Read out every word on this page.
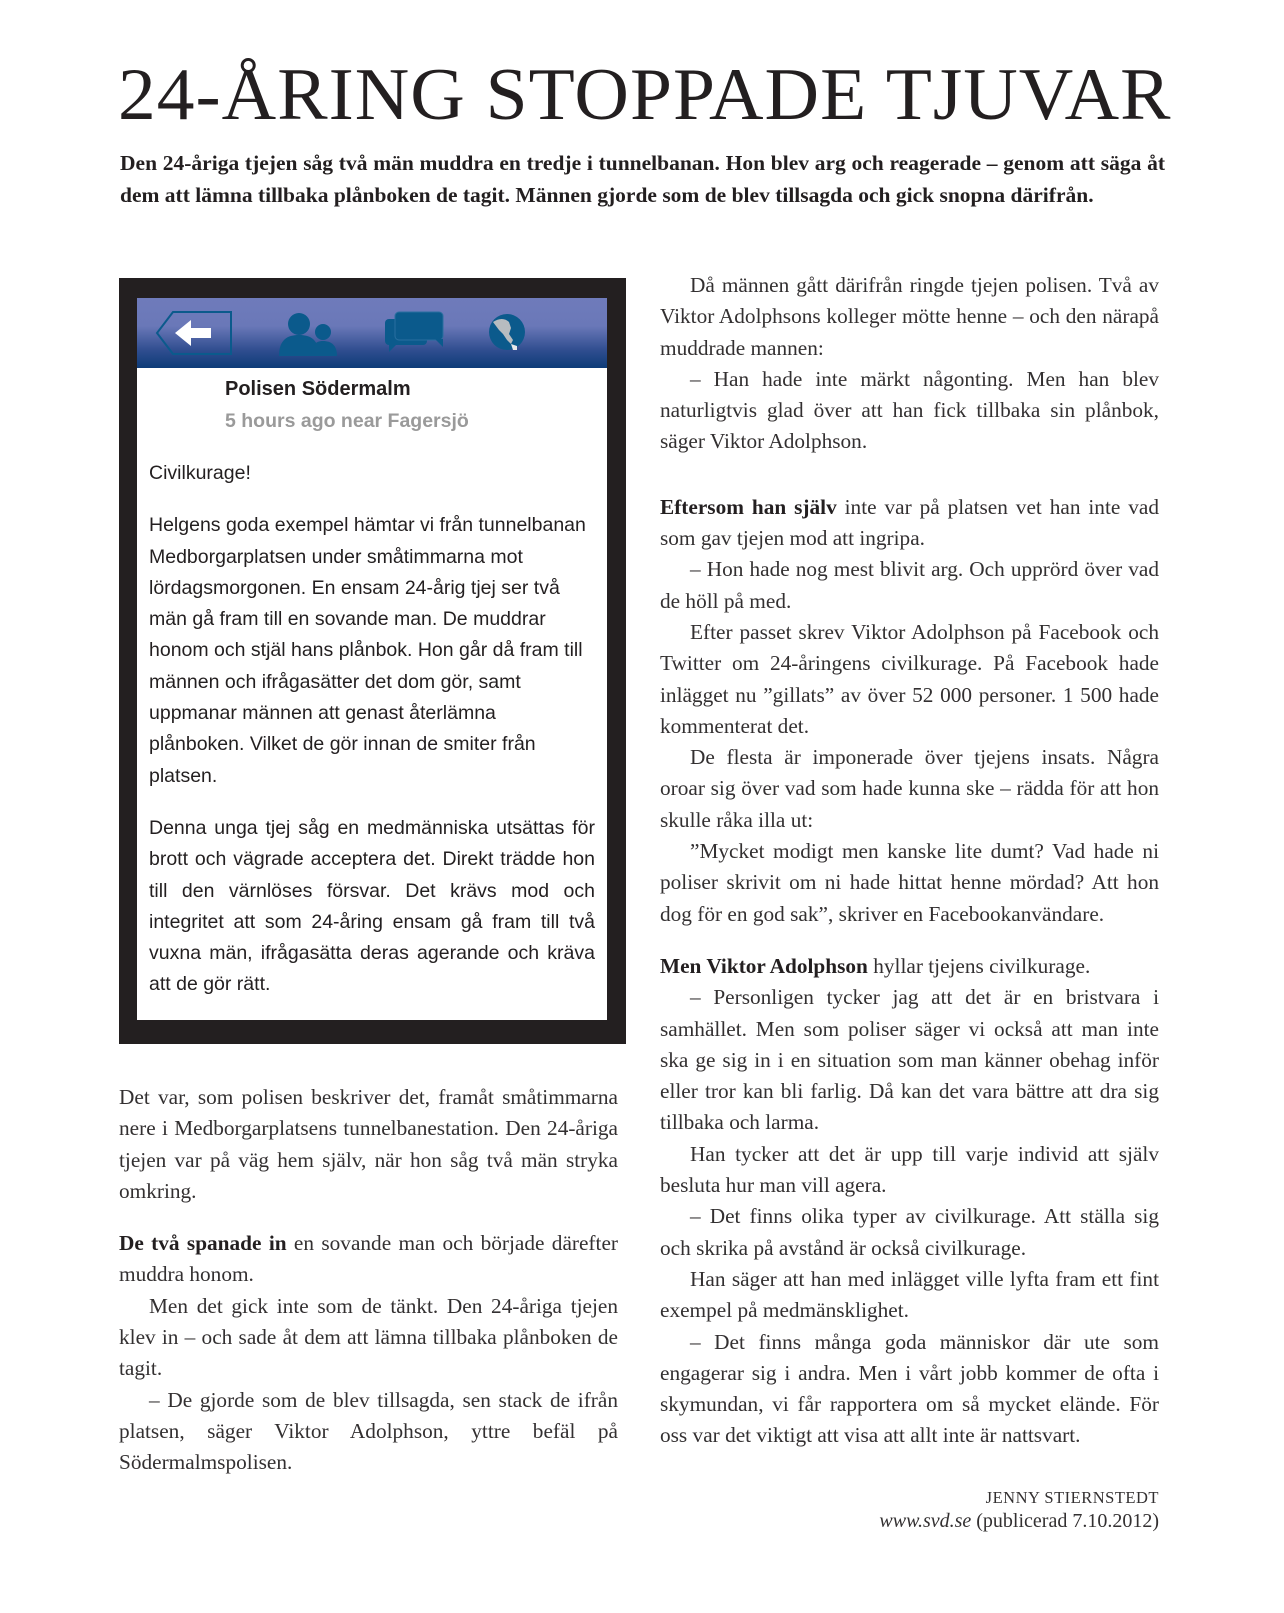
24-ÅRING STOPPADE TJUVAR

Den 24-åriga tjejen såg två män muddra en tredje i tunnelbanan. Hon blev arg och reagerade – genom att säga åt dem att lämna tillbaka plånboken de tagit. Männen gjorde som de blev tillsagda och gick snopna därifrån.

Polisen Södermalm
5 hours ago near Fagersjö

Civilkurage!

Helgens goda exempel hämtar vi från tunnelbanan Medborgarplatsen under småtimmarna mot lördagsmorgonen. En ensam 24-årig tjej ser två män gå fram till en sovande man. De muddrar honom och stjäl hans plånbok. Hon går då fram till männen och ifrågasätter det dom gör, samt uppmanar männen att genast återlämna plånboken. Vilket de gör innan de smiter från platsen.

Denna unga tjej såg en medmänniska utsättas för brott och vägrade acceptera det. Direkt trädde hon till den värnlöses försvar. Det krävs mod och integritet att som 24-åring ensam gå fram till två vuxna män, ifrågasätta deras agerande och kräva att de gör rätt.

Det var, som polisen beskriver det, framåt småtimmarna nere i Medborgarplatsens tunnelbanestation. Den 24-åriga tjejen var på väg hem själv, när hon såg två män stryka omkring.

De två spanade in en sovande man och började därefter muddra honom.

Men det gick inte som de tänkt. Den 24-åriga tjejen klev in – och sade åt dem att lämna tillbaka plånboken de tagit.

– De gjorde som de blev tillsagda, sen stack de ifrån platsen, säger Viktor Adolphson, yttre befäl på Södermalmspolisen.

Då männen gått därifrån ringde tjejen polisen. Två av Viktor Adolphsons kolleger mötte henne – och den närapå muddrade mannen:

– Han hade inte märkt någonting. Men han blev naturligtvis glad över att han fick tillbaka sin plånbok, säger Viktor Adolphson.

Eftersom han själv inte var på platsen vet han inte vad som gav tjejen mod att ingripa.

– Hon hade nog mest blivit arg. Och upprörd över vad de höll på med.

Efter passet skrev Viktor Adolphson på Facebook och Twitter om 24-åringens civilkurage. På Facebook hade inlägget nu ”gillats” av över 52 000 personer. 1 500 hade kommenterat det.

De flesta är imponerade över tjejens insats. Några oroar sig över vad som hade kunna ske – rädda för att hon skulle råka illa ut:

”Mycket modigt men kanske lite dumt? Vad hade ni poliser skrivit om ni hade hittat henne mördad? Att hon dog för en god sak”, skriver en Facebookanvändare.

Men Viktor Adolphson hyllar tjejens civilkurage.

– Personligen tycker jag att det är en bristvara i samhället. Men som poliser säger vi också att man inte ska ge sig in i en situation som man känner obehag inför eller tror kan bli farlig. Då kan det vara bättre att dra sig tillbaka och larma.

Han tycker att det är upp till varje individ att själv besluta hur man vill agera.

– Det finns olika typer av civilkurage. Att ställa sig och skrika på avstånd är också civilkurage.

Han säger att han med inlägget ville lyfta fram ett fint exempel på medmänsklighet.

– Det finns många goda människor där ute som engagerar sig i andra. Men i vårt jobb kommer de ofta i skymundan, vi får rapportera om så mycket elände. För oss var det viktigt att visa att allt inte är nattsvart.

JENNY STIERNSTEDT
www.svd.se (publicerad 7.10.2012)
